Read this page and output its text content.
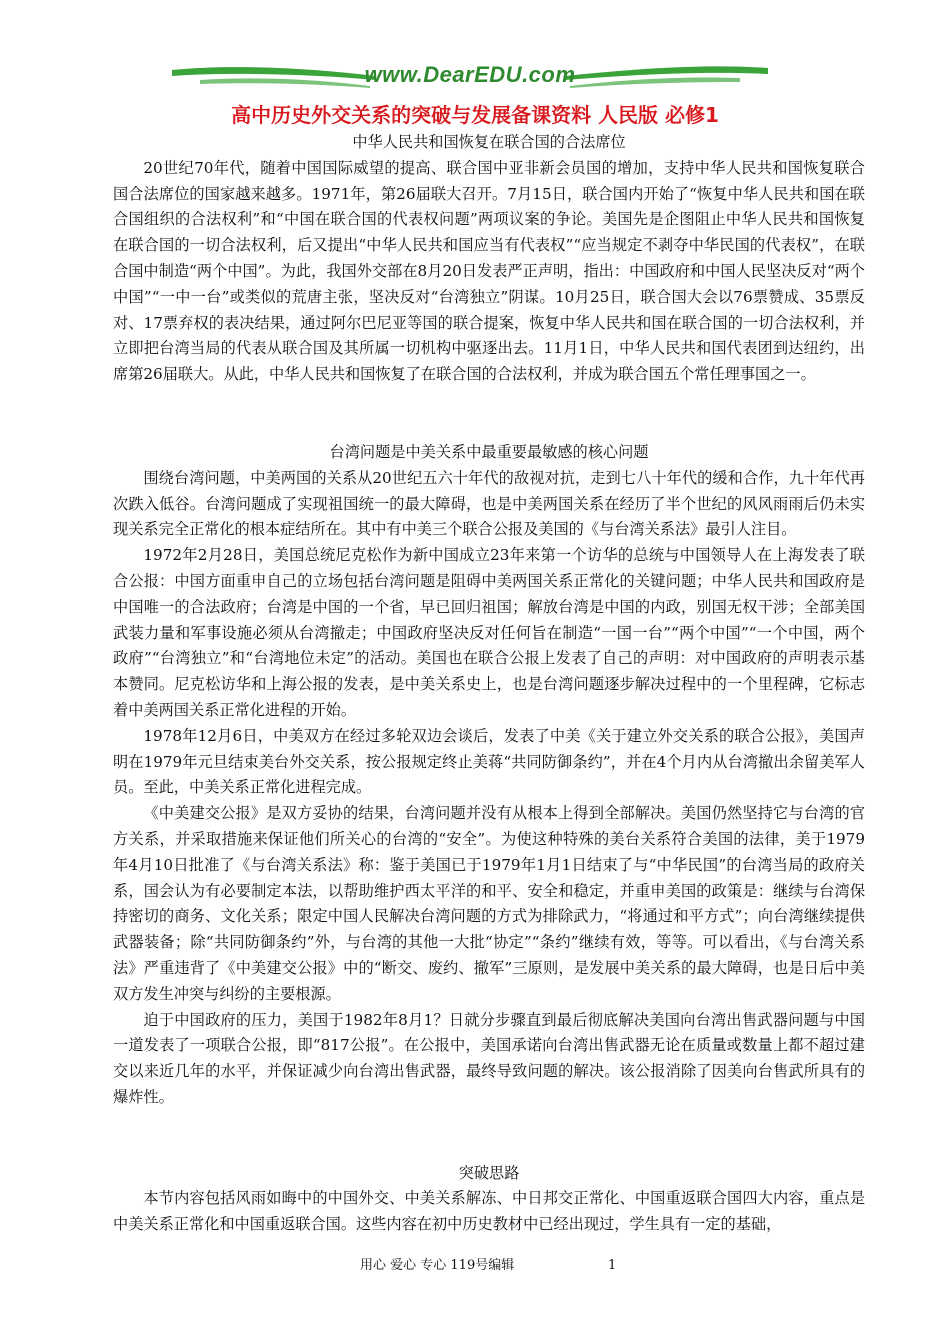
www.DearEDU.com
高中历史外交关系的突破与发展备课资料 人民版 必修1

中华人民共和国恢复在联合国的合法席位

20世纪70年代，随着中国国际威望的提高、联合国中亚非新会员国的增加，支持中华人民共和国恢复联合国合法席位的国家越来越多。1971年，第26届联大召开。7月15日，联合国内开始了“恢复中华人民共和国在联合国组织的合法权利”和“中国在联合国的代表权问题”两项议案的争论。美国先是企图阻止中华人民共和国恢复在联合国的一切合法权利，后又提出“中华人民共和国应当有代表权”“应当规定不剥夺中华民国的代表权”，在联合国中制造“两个中国”。为此，我国外交部在8月20日发表严正声明，指出：中国政府和中国人民坚决反对“两个中国”“一中一台”或类似的荒唐主张，坚决反对“台湾独立”阴谋。10月25日，联合国大会以76票赞成、35票反对、17票弃权的表决结果，通过阿尔巴尼亚等国的联合提案，恢复中华人民共和国在联合国的一切合法权利，并立即把台湾当局的代表从联合国及其所属一切机构中驱逐出去。11月1日，中华人民共和国代表团到达纽约，出席第26届联大。从此，中华人民共和国恢复了在联合国的合法权利，并成为联合国五个常任理事国之一。

台湾问题是中美关系中最重要最敏感的核心问题

围绕台湾问题，中美两国的关系从20世纪五六十年代的敌视对抗，走到七八十年代的缓和合作，九十年代再次跌入低谷。台湾问题成了实现祖国统一的最大障碍，也是中美两国关系在经历了半个世纪的风风雨雨后仍未实现关系完全正常化的根本症结所在。其中有中美三个联合公报及美国的《与台湾关系法》最引人注目。

1972年2月28日，美国总统尼克松作为新中国成立23年来第一个访华的总统与中国领导人在上海发表了联合公报：中国方面重申自己的立场包括台湾问题是阻碍中美两国关系正常化的关键问题；中华人民共和国政府是中国唯一的合法政府；台湾是中国的一个省，早已回归祖国；解放台湾是中国的内政，别国无权干涉；全部美国武装力量和军事设施必须从台湾撤走；中国政府坚决反对任何旨在制造“一国一台”“两个中国”“一个中国，两个政府”“台湾独立”和“台湾地位未定”的活动。美国也在联合公报上发表了自己的声明：对中国政府的声明表示基本赞同。尼克松访华和上海公报的发表，是中美关系史上，也是台湾问题逐步解决过程中的一个里程碑，它标志着中美两国关系正常化进程的开始。

1978年12月6日，中美双方在经过多轮双边会谈后，发表了中美《关于建立外交关系的联合公报》，美国声明在1979年元旦结束美台外交关系，按公报规定终止美蒋“共同防御条约”，并在4个月内从台湾撤出余留美军人员。至此，中美关系正常化进程完成。

《中美建交公报》是双方妥协的结果，台湾问题并没有从根本上得到全部解决。美国仍然坚持它与台湾的官方关系，并采取措施来保证他们所关心的台湾的“安全”。为使这种特殊的美台关系符合美国的法律，美于1979年4月10日批准了《与台湾关系法》称：鉴于美国已于1979年1月1日结束了与“中华民国”的台湾当局的政府关系，国会认为有必要制定本法，以帮助维护西太平洋的和平、安全和稳定，并重申美国的政策是：继续与台湾保持密切的商务、文化关系；限定中国人民解决台湾问题的方式为排除武力，“将通过和平方式”；向台湾继续提供武器装备；除“共同防御条约”外，与台湾的其他一大批“协定”“条约”继续有效，等等。可以看出，《与台湾关系法》严重违背了《中美建交公报》中的“断交、废约、撤军”三原则，是发展中美关系的最大障碍，也是日后中美双方发生冲突与纠纷的主要根源。

迫于中国政府的压力，美国于1982年8月1？日就分步骤直到最后彻底解决美国向台湾出售武器问题与中国一道发表了一项联合公报，即“817公报”。在公报中，美国承诺向台湾出售武器无论在质量或数量上都不超过建交以来近几年的水平，并保证减少向台湾出售武器，最终导致问题的解决。该公报消除了因美向台售武所具有的爆炸性。

突破思路

本节内容包括风雨如晦中的中国外交、中美关系解冻、中日邦交正常化、中国重返联合国四大内容，重点是中美关系正常化和中国重返联合国。这些内容在初中历史教材中已经出现过，学生具有一定的基础，

用心 爱心 专心 119号编辑	1
